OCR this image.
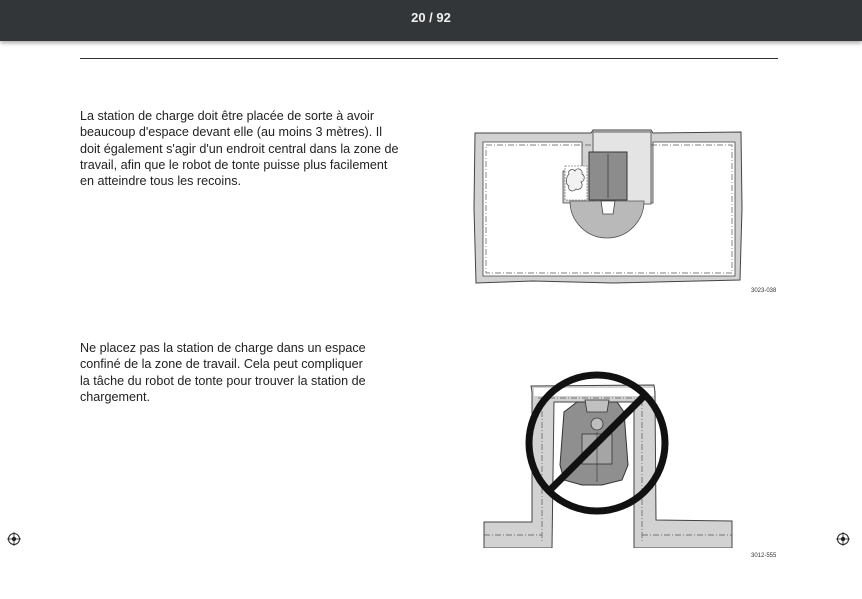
20 / 92

La station de charge doit être placée de sorte à avoir
beaucoup d'espace devant elle (au moins 3 mètres). Il
doit également s'agir d'un endroit central dans la zone de
travail, afin que le robot de tonte puisse plus facilement
en atteindre tous les recoins.

Ne placez pas la station de charge dans un espace
confiné de la zone de travail. Cela peut compliquer
la tâche du robot de tonte pour trouver la station de
chargement.

3023-038
3012-555
